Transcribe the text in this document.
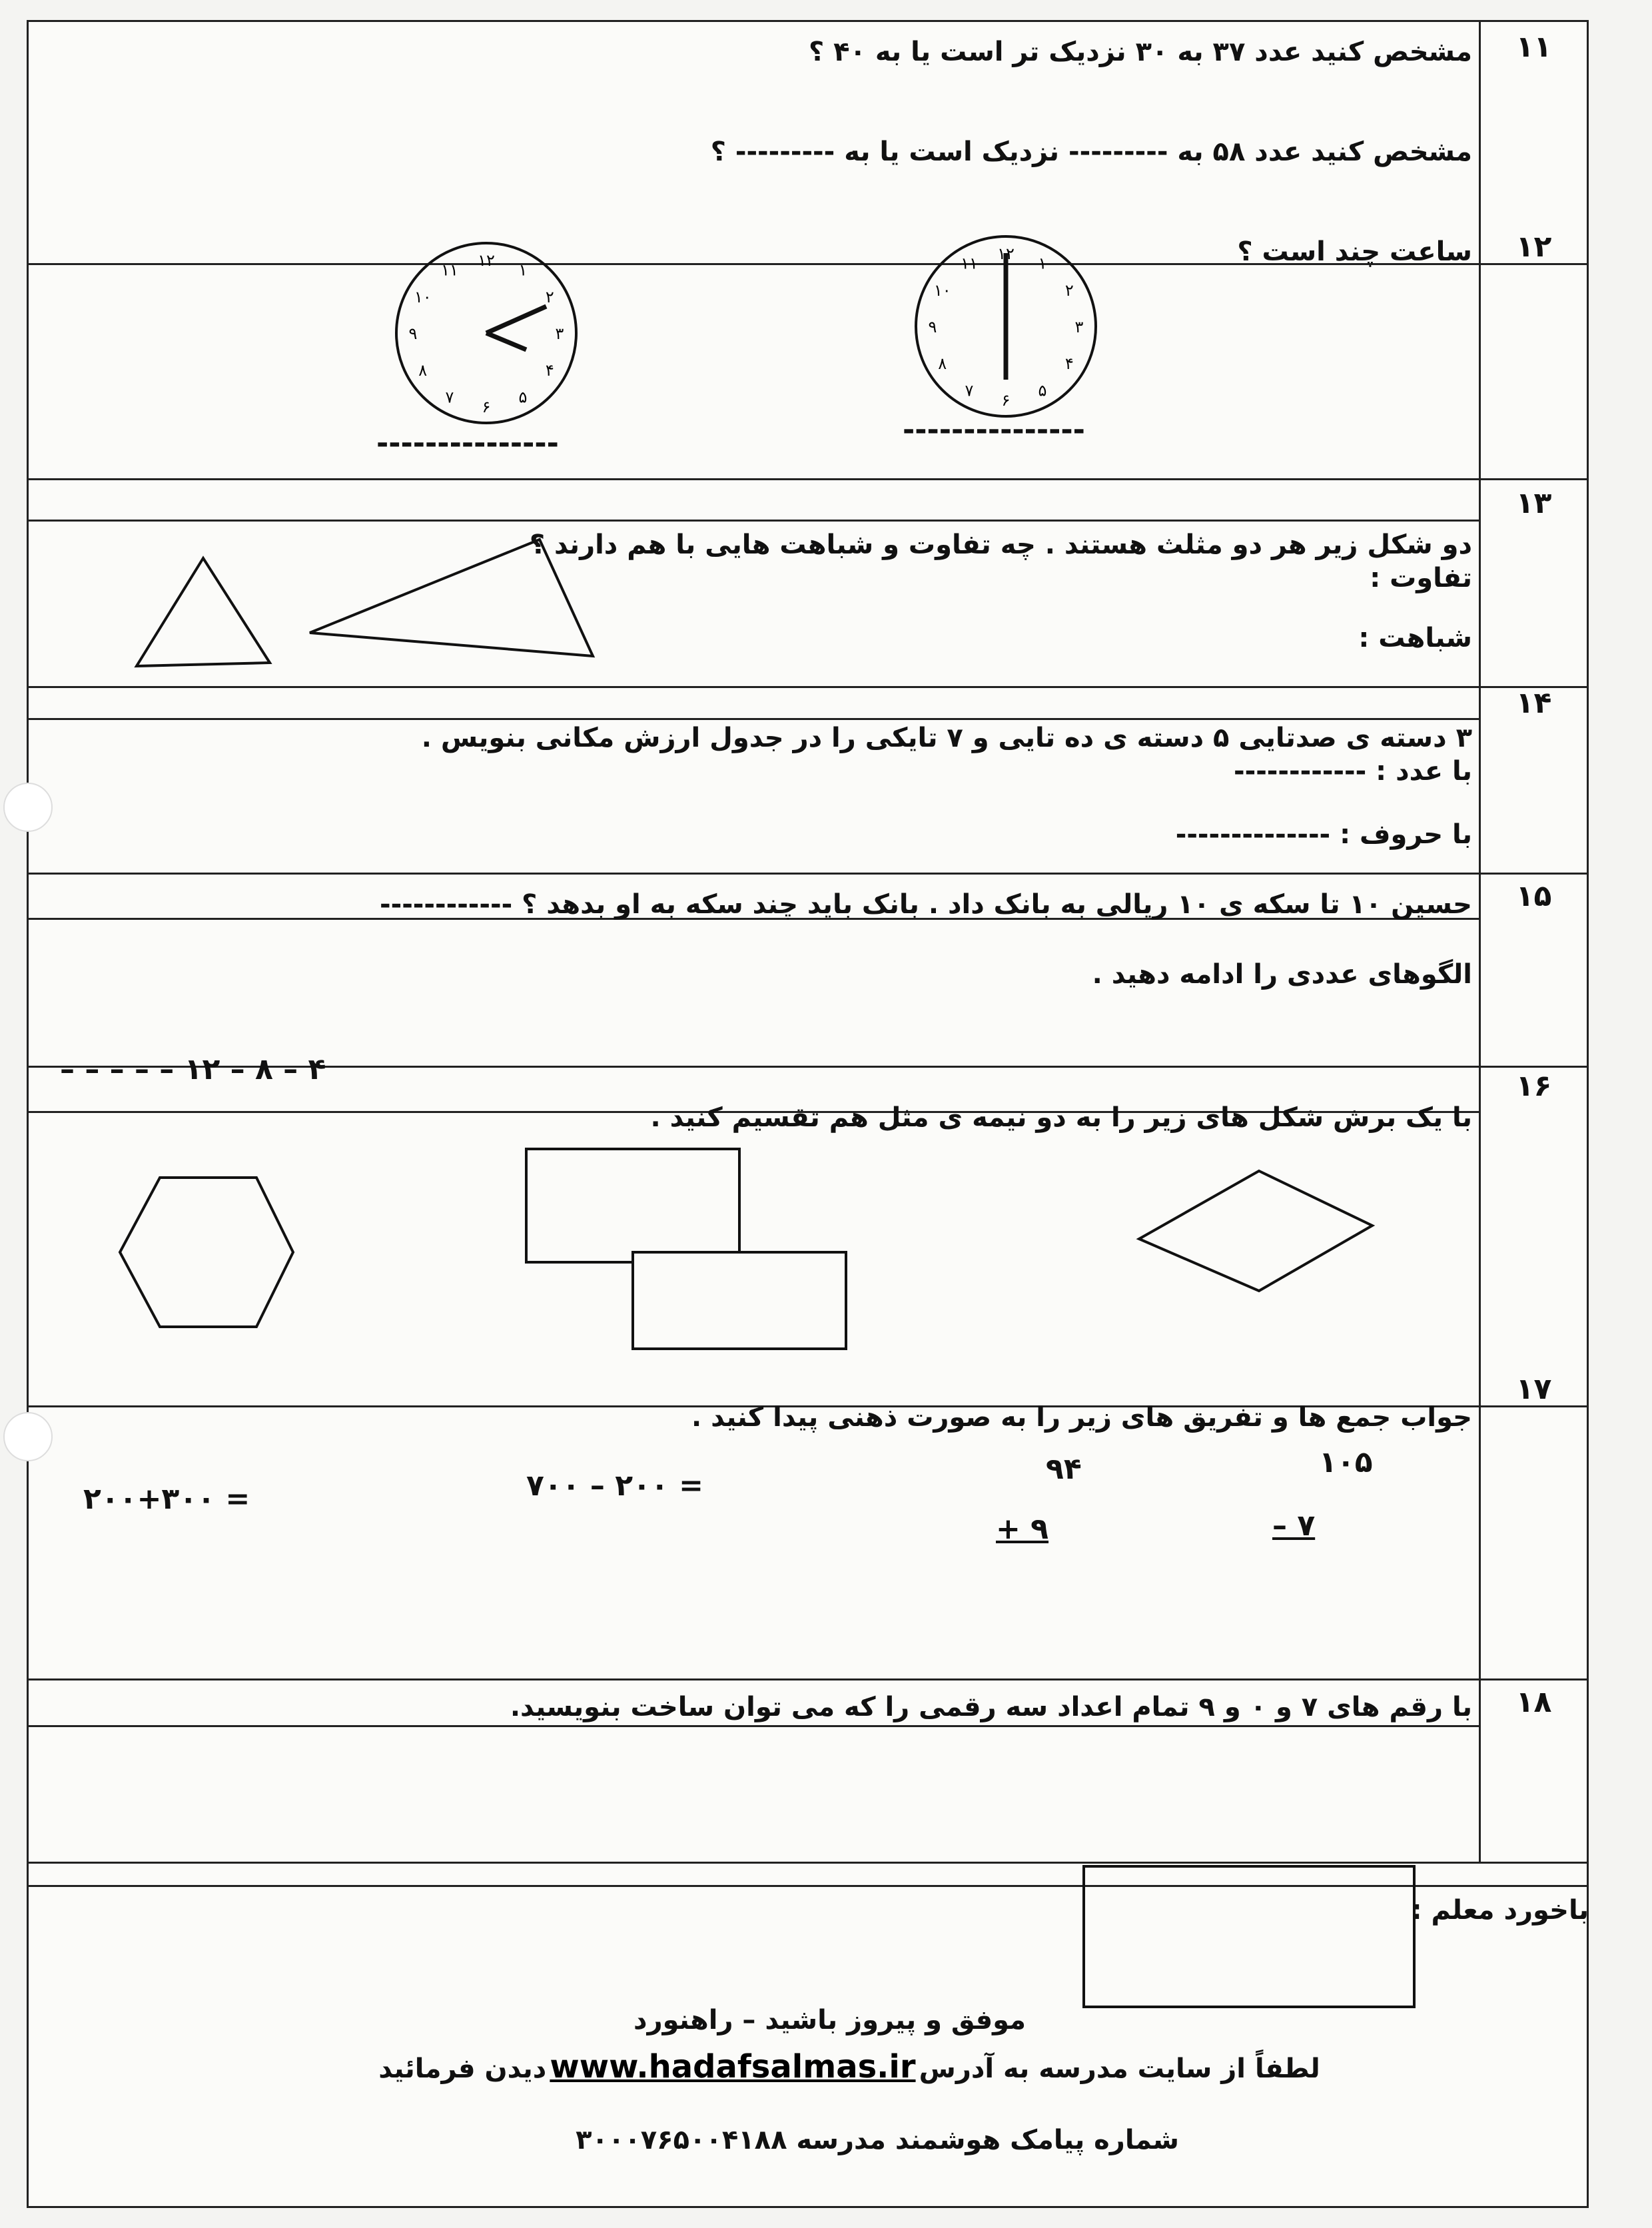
۱۱
مشخص کنید عدد ۳۷ به ۳۰ نزدیک تر است یا به ۴۰ ؟
مشخص کنید عدد ۵۸ به --------- نزدیک است یا به --------- ؟
۱۲
ساعت چند است ؟
۱۲
۱
۲
۳
۴
۵
۶
۷
۸
۹
۱۰
۱۱
۱۲
۱
۲
۳
۴
۵
۶
۷
۸
۹
۱۰
۱۱
---------------	---------------
۱۳
دو شکل زیر هر دو مثلث هستند . چه تفاوت و شباهت هایی با هم دارند ؟
تفاوت :
شباهت :
۱۴
۳ دسته ی صدتایی ۵ دسته ی ده تایی و ۷ تایکی را در جدول ارزش مکانی بنویس .
با عدد : ------------
با حروف : --------------
۱۵
حسین ۱۰ تا سکه ی ۱۰ ریالی به بانک داد . بانک باید چند سکه به او بدهد ؟ ------------
الگوهای عددی را ادامه دهید .
۴ – ۸ – ۱۲ – – – – –	۱۶
با یک برش شکل های زیر را به دو نیمه ی مثل هم تقسیم کنید .
۱۷
جواب جمع ها و تفریق های زیر را به صورت ذهنی پیدا کنید .
۲۰۰+۳۰۰ =	۷۰۰ – ۲۰۰ =	۹۴
+ ۹
۱۰۵
– ۷
۱۸
با رقم های ۷ و ۰ و ۹ تمام اعداد سه رقمی را که می توان ساخت بنویسید.
باخورد معلم :
موفق و پیروز باشید – راهنورد
لطفاً از سایت مدرسه به آدرس www.hadafsalmas.ir دیدن فرمائید
شماره پیامک هوشمند مدرسه ۳۰۰۰۷۶۵۰۰۴۱۸۸
